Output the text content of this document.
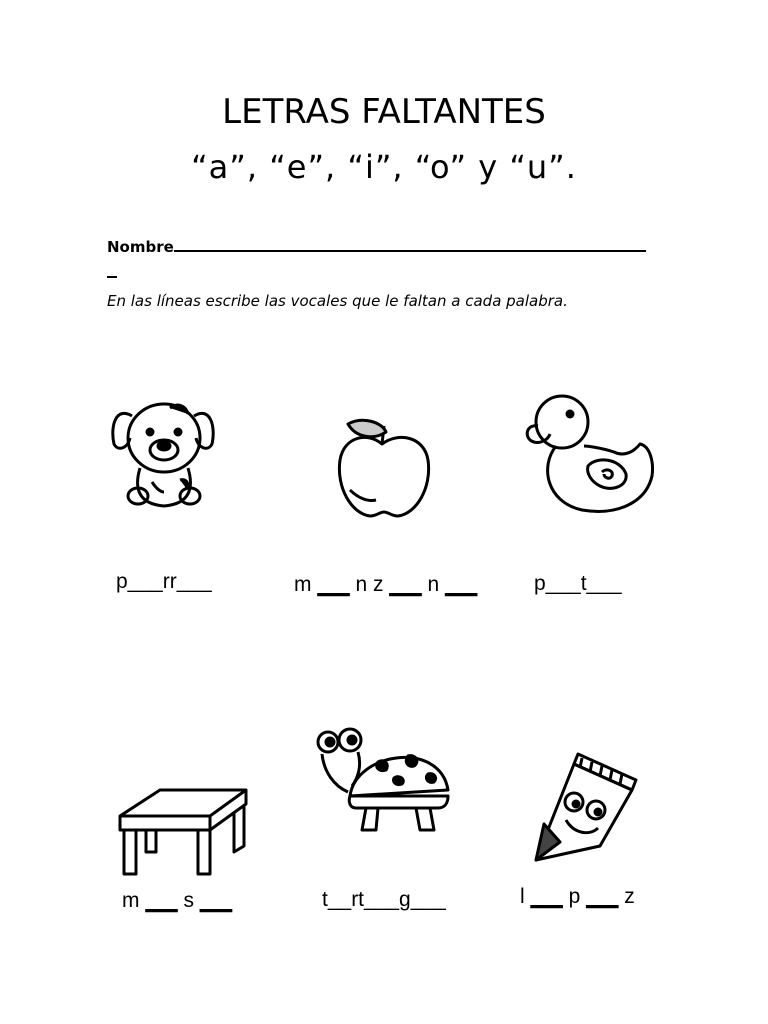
LETRAS FALTANTES
“a”, “e”, “i”, “o” y “u”.
Nombre
En las líneas escribe las vocales que le faltan a cada palabra.
p___rr___	m ▁▁ n z ▁▁ n ▁▁	p___t___
m ▁▁ s ▁▁	t__rt___g___	l ▁▁ p ▁▁ z
